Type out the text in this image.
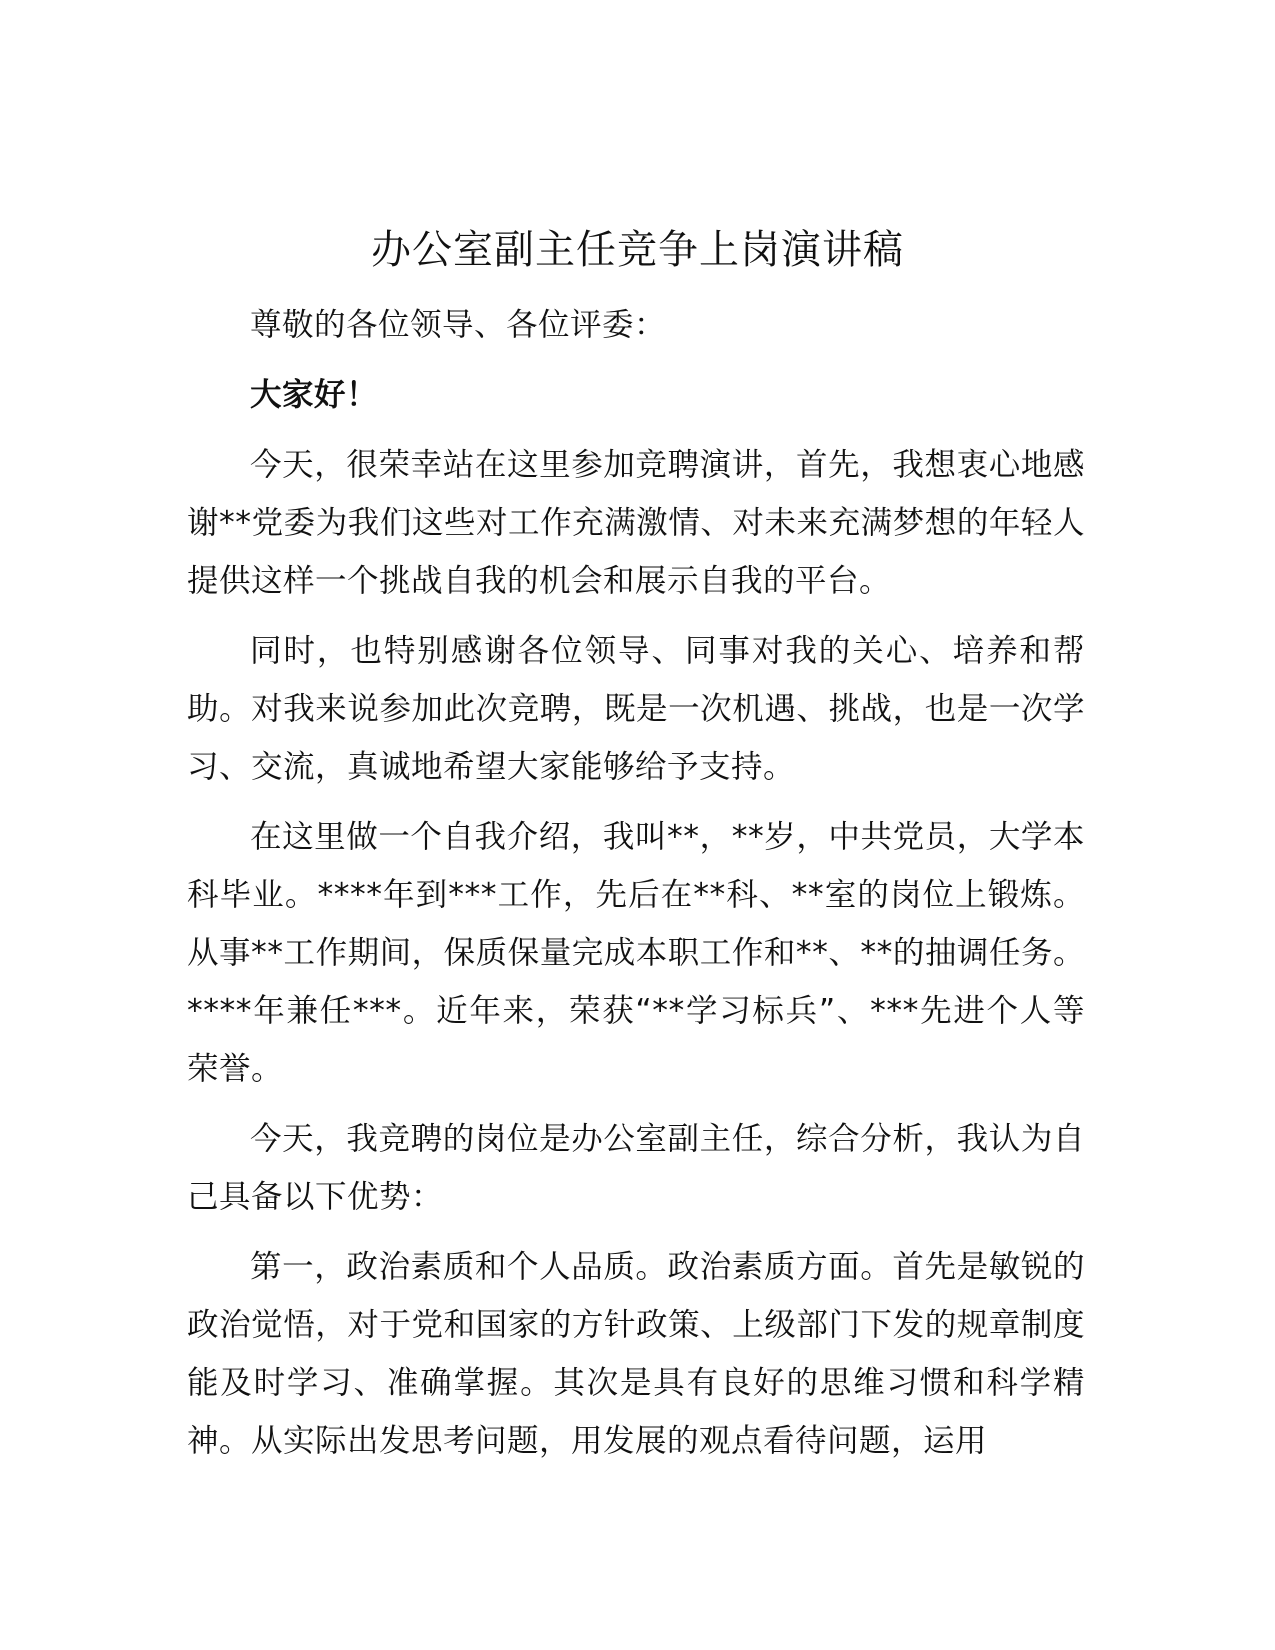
办公室副主任竞争上岗演讲稿

尊敬的各位领导、各位评委：

大家好！

今天，很荣幸站在这里参加竞聘演讲，首先，我想衷心地感谢**党委为我们这些对工作充满激情、对未来充满梦想的年轻人提供这样一个挑战自我的机会和展示自我的平台。

同时，也特别感谢各位领导、同事对我的关心、培养和帮助。对我来说参加此次竞聘，既是一次机遇、挑战，也是一次学习、交流，真诚地希望大家能够给予支持。

在这里做一个自我介绍，我叫**，**岁，中共党员，大学本科毕业。****年到***工作，先后在**科、**室的岗位上锻炼。从事**工作期间，保质保量完成本职工作和**、**的抽调任务。****年兼任***。近年来，荣获“**学习标兵”、***先进个人等荣誉。

今天，我竞聘的岗位是办公室副主任，综合分析，我认为自己具备以下优势：

第一，政治素质和个人品质。政治素质方面。首先是敏锐的政治觉悟，对于党和国家的方针政策、上级部门下发的规章制度能及时学习、准确掌握。其次是具有良好的思维习惯和科学精神。从实际出发思考问题，用发展的观点看待问题，运用
